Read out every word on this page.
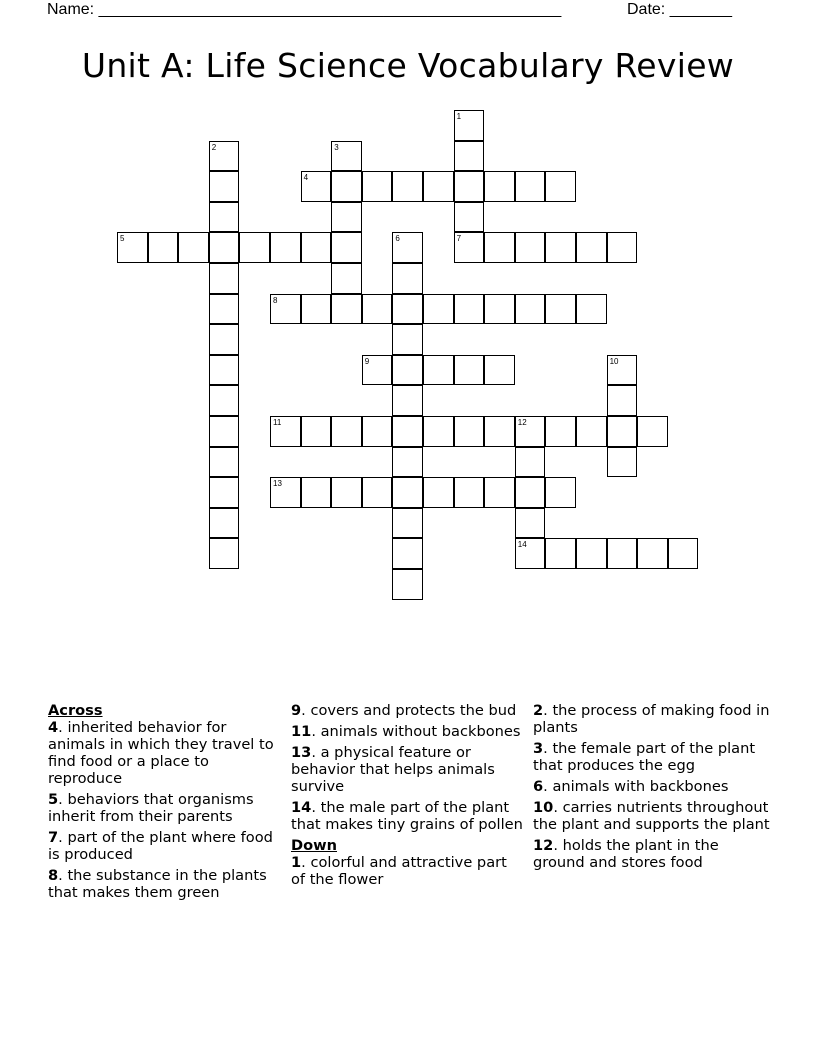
Name: ____________________________________________________	Date: _______
Unit A: Life Science Vocabulary Review
1
7
2	3
4
5	6
8
9	10
11	12
14
13
Across
4. inherited behavior for animals in which they travel to find food or a place to reproduce
5. behaviors that organisms inherit from their parents
7. part of the plant where food is produced
8. the substance in the plants that makes them green
9. covers and protects the bud
11. animals without backbones
13. a physical feature or behavior that helps animals survive
14. the male part of the plant that makes tiny grains of pollen
Down
1. colorful and attractive part of the flower
2. the process of making food in plants
3. the female part of the plant that produces the egg
6. animals with backbones
10. carries nutrients throughout the plant and supports the plant
12. holds the plant in the ground and stores food
